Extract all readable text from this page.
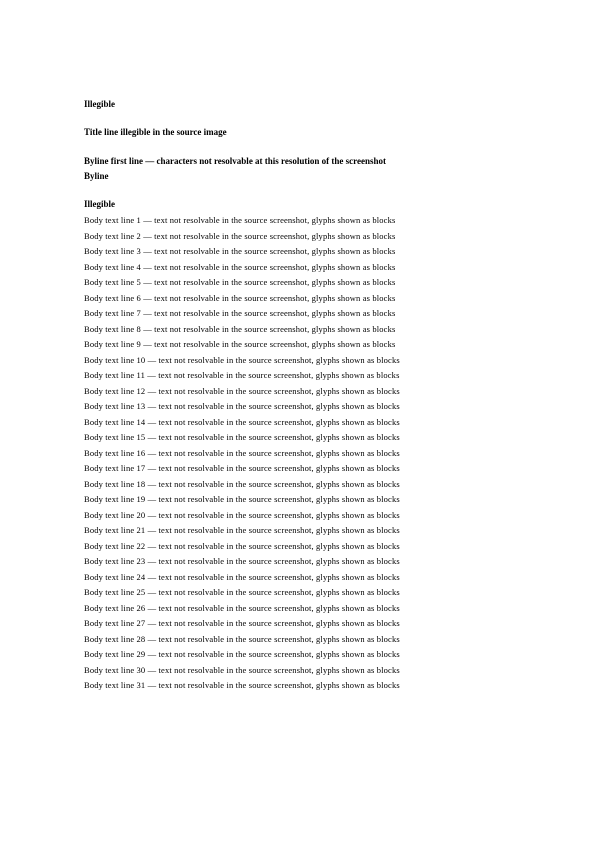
Illegible
Title line illegible in the source image
Byline first line — characters not resolvable at this resolution of the screenshot
Byline
Illegible
Body text line 1 — text not resolvable in the source screenshot, glyphs shown as blocks
Body text line 2 — text not resolvable in the source screenshot, glyphs shown as blocks
Body text line 3 — text not resolvable in the source screenshot, glyphs shown as blocks
Body text line 4 — text not resolvable in the source screenshot, glyphs shown as blocks
Body text line 5 — text not resolvable in the source screenshot, glyphs shown as blocks
Body text line 6 — text not resolvable in the source screenshot, glyphs shown as blocks
Body text line 7 — text not resolvable in the source screenshot, glyphs shown as blocks
Body text line 8 — text not resolvable in the source screenshot, glyphs shown as blocks
Body text line 9 — text not resolvable in the source screenshot, glyphs shown as blocks
Body text line 10 — text not resolvable in the source screenshot, glyphs shown as blocks
Body text line 11 — text not resolvable in the source screenshot, glyphs shown as blocks
Body text line 12 — text not resolvable in the source screenshot, glyphs shown as blocks
Body text line 13 — text not resolvable in the source screenshot, glyphs shown as blocks
Body text line 14 — text not resolvable in the source screenshot, glyphs shown as blocks
Body text line 15 — text not resolvable in the source screenshot, glyphs shown as blocks
Body text line 16 — text not resolvable in the source screenshot, glyphs shown as blocks
Body text line 17 — text not resolvable in the source screenshot, glyphs shown as blocks
Body text line 18 — text not resolvable in the source screenshot, glyphs shown as blocks
Body text line 19 — text not resolvable in the source screenshot, glyphs shown as blocks
Body text line 20 — text not resolvable in the source screenshot, glyphs shown as blocks
Body text line 21 — text not resolvable in the source screenshot, glyphs shown as blocks
Body text line 22 — text not resolvable in the source screenshot, glyphs shown as blocks
Body text line 23 — text not resolvable in the source screenshot, glyphs shown as blocks
Body text line 24 — text not resolvable in the source screenshot, glyphs shown as blocks
Body text line 25 — text not resolvable in the source screenshot, glyphs shown as blocks
Body text line 26 — text not resolvable in the source screenshot, glyphs shown as blocks
Body text line 27 — text not resolvable in the source screenshot, glyphs shown as blocks
Body text line 28 — text not resolvable in the source screenshot, glyphs shown as blocks
Body text line 29 — text not resolvable in the source screenshot, glyphs shown as blocks
Body text line 30 — text not resolvable in the source screenshot, glyphs shown as blocks
Body text line 31 — text not resolvable in the source screenshot, glyphs shown as blocks
